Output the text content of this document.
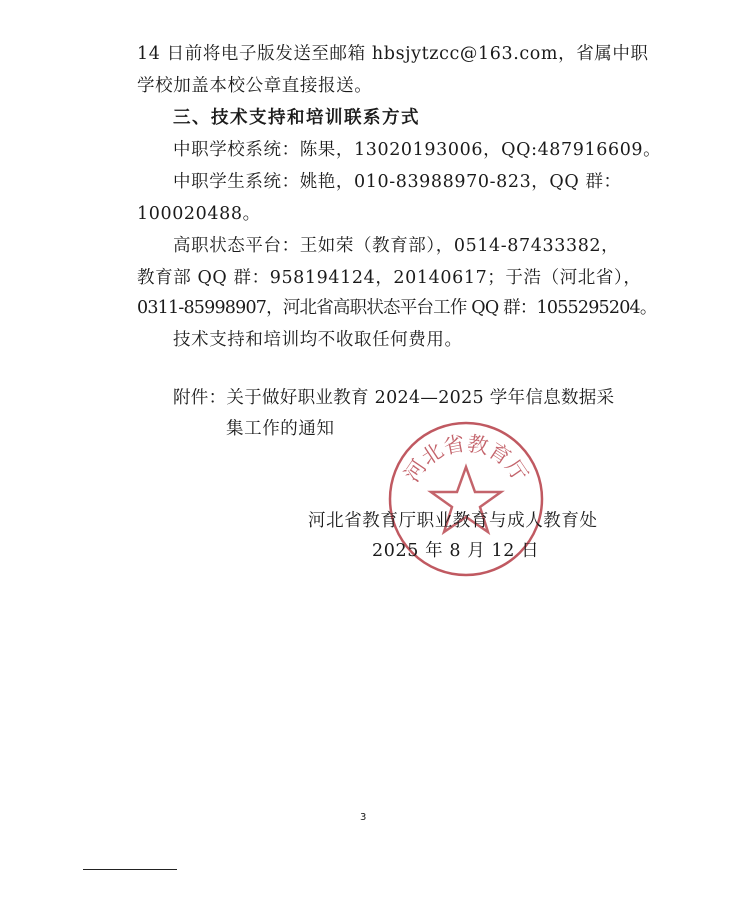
14 日前将电子版发送至邮箱 hbsjytzcc@163.com，省属中职
学校加盖本校公章直接报送。
三、技术支持和培训联系方式
中职学校系统：陈果，13020193006，QQ:487916609。
中职学生系统：姚艳，010-83988970-823，QQ 群：
100020488。
高职状态平台：王如荣（教育部），0514-87433382，
教育部 QQ 群：958194124，20140617；于浩（河北省），
0311-85998907，河北省高职状态平台工作 QQ 群：1055295204。
技术支持和培训均不收取任何费用。
附件：关于做好职业教育 2024—2025 学年信息数据采
集工作的通知
河北省教育厅
河北省教育厅职业教育与成人教育处
2025 年 8 月 12 日
3
